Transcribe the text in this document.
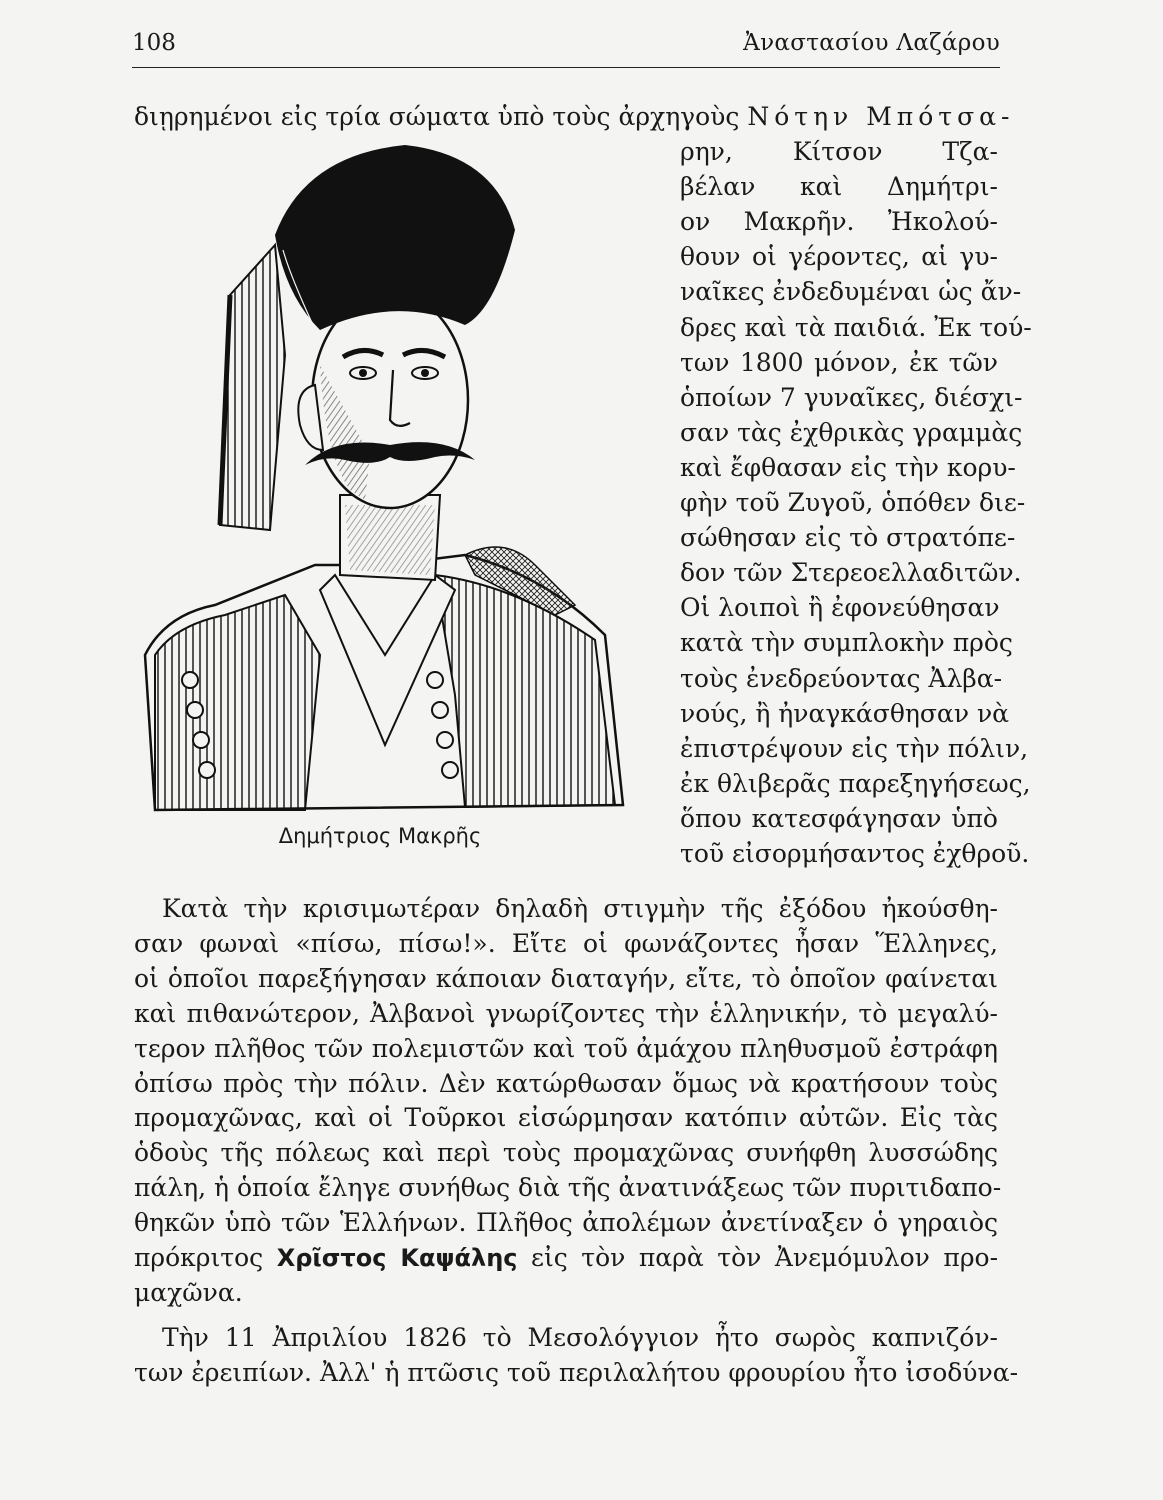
108	Ἀναστασίου Λαζάρου
διῃρημένοι εἰς τρία σώματα ὑπὸ τοὺς ἀρχηγοὺς Νότην Μπότσα-
Δημήτριος Μακρῆς
ρην, Κίτσον Τζα-
βέλαν καὶ Δημήτρι-
ον Μακρῆν. Ἠκολού-
θουν οἱ γέροντες, αἱ γυ-
ναῖκες ἐνδεδυμέναι ὡς ἄν-
δρες καὶ τὰ παιδιά. Ἐκ τού-
των 1800 μόνον, ἐκ τῶν
ὁποίων 7 γυναῖκες, διέσχι-
σαν τὰς ἐχθρικὰς γραμμὰς
καὶ ἔφθασαν εἰς τὴν κορυ-
φὴν τοῦ Ζυγοῦ, ὁπόθεν διε-
σώθησαν εἰς τὸ στρατόπε-
δον τῶν Στερεοελλαδιτῶν.
Οἱ λοιποὶ ἢ ἐφονεύθησαν
κατὰ τὴν συμπλοκὴν πρὸς
τοὺς ἐνεδρεύοντας Ἀλβα-
νούς, ἢ ἠναγκάσθησαν νὰ
ἐπιστρέψουν εἰς τὴν πόλιν,
ἐκ θλιβερᾶς παρεξηγήσεως,
ὅπου κατεσφάγησαν ὑπὸ
τοῦ εἰσορμήσαντος ἐχθροῦ.
Κατὰ τὴν κρισιμωτέραν δηλαδὴ στιγμὴν τῆς ἐξόδου ἠκούσθη-
σαν φωναὶ «πίσω, πίσω!». Εἴτε οἱ φωνάζοντες ἦσαν Ἕλληνες,
οἱ ὁποῖοι παρεξήγησαν κάποιαν διαταγήν, εἴτε, τὸ ὁποῖον φαίνεται
καὶ πιθανώτερον, Ἀλβανοὶ γνωρίζοντες τὴν ἑλληνικήν, τὸ μεγαλύ-
τερον πλῆθος τῶν πολεμιστῶν καὶ τοῦ ἀμάχου πληθυσμοῦ ἐστράφη
ὀπίσω πρὸς τὴν πόλιν. Δὲν κατώρθωσαν ὅμως νὰ κρατήσουν τοὺς
προμαχῶνας, καὶ οἱ Τοῦρκοι εἰσώρμησαν κατόπιν αὐτῶν. Εἰς τὰς
ὁδοὺς τῆς πόλεως καὶ περὶ τοὺς προμαχῶνας συνήφθη λυσσώδης
πάλη, ἡ ὁποία ἔληγε συνήθως διὰ τῆς ἀνατινάξεως τῶν πυριτιδαπο-
θηκῶν ὑπὸ τῶν Ἑλλήνων. Πλῆθος ἀπολέμων ἀνετίναξεν ὁ γηραιὸς
πρόκριτος Χρῖστος Καψάλης εἰς τὸν παρὰ τὸν Ἀνεμόμυλον προ-
μαχῶνα.
Τὴν 11 Ἀπριλίου 1826 τὸ Μεσολόγγιον ἦτο σωρὸς καπνιζόν-
των ἐρειπίων. Ἀλλ' ἡ πτῶσις τοῦ περιλαλήτου φρουρίου ἦτο ἰσοδύνα-
